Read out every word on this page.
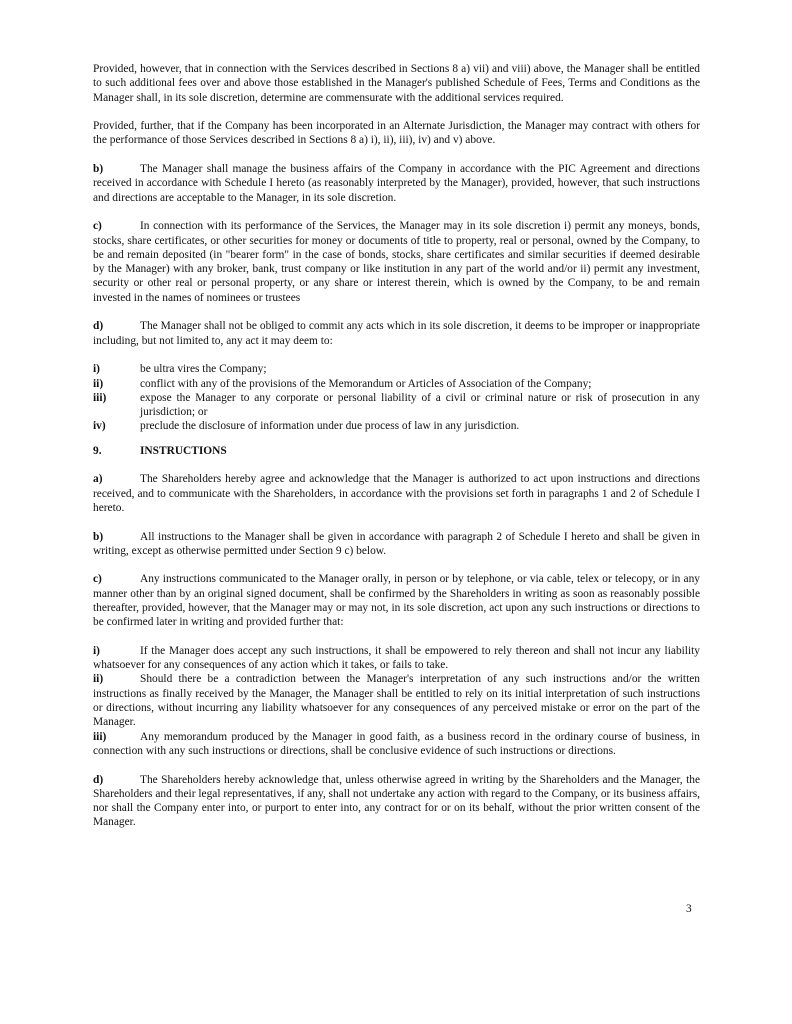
Provided, however, that in connection with the Services described in Sections 8 a) vii) and viii) above, the Manager shall be entitled to such additional fees over and above those established in the Manager's published Schedule of Fees, Terms and Conditions as the Manager shall, in its sole discretion, determine are commensurate with the additional services required.

Provided, further, that if the Company has been incorporated in an Alternate Jurisdiction, the Manager may contract with others for the performance of those Services described in Sections 8 a) i), ii), iii), iv) and v) above.

b)	The Manager shall manage the business affairs of the Company in accordance with the PIC Agreement and directions received in accordance with Schedule I hereto (as reasonably interpreted by the Manager), provided, however, that such instructions and directions are acceptable to the Manager, in its sole discretion.

c)	In connection with its performance of the Services, the Manager may in its sole discretion i) permit any moneys, bonds, stocks, share certificates, or other securities for money or documents of title to property, real or personal, owned by the Company, to be and remain deposited (in "bearer form" in the case of bonds, stocks, share certificates and similar securities if deemed desirable by the Manager) with any broker, bank, trust company or like institution in any part of the world and/or ii) permit any investment, security or other real or personal property, or any share or interest therein, which is owned by the Company, to be and remain invested in the names of nominees or trustees

d)	The Manager shall not be obliged to commit any acts which in its sole discretion, it deems to be improper or inappropriate including, but not limited to, any act it may deem to:

i)	be ultra vires the Company;
ii)	conflict with any of the provisions of the Memorandum or Articles of Association of the Company;
iii)	expose the Manager to any corporate or personal liability of a civil or criminal nature or risk of prosecution in any jurisdiction; or
iv)	preclude the disclosure of information under due process of law in any jurisdiction.
9.	INSTRUCTIONS

a)	The Shareholders hereby agree and acknowledge that the Manager is authorized to act upon instructions and directions received, and to communicate with the Shareholders, in accordance with the provisions set forth in paragraphs 1 and 2 of Schedule I hereto.

b)	All instructions to the Manager shall be given in accordance with paragraph 2 of Schedule I hereto and shall be given in writing, except as otherwise permitted under Section 9 c) below.

c)	Any instructions communicated to the Manager orally, in person or by telephone, or via cable, telex or telecopy, or in any manner other than by an original signed document, shall be confirmed by the Shareholders in writing as soon as reasonably possible thereafter, provided, however, that the Manager may or may not, in its sole discretion, act upon any such instructions or directions to be confirmed later in writing and provided further that:

i)	If the Manager does accept any such instructions, it shall be empowered to rely thereon and shall not incur any liability whatsoever for any consequences of any action which it takes, or fails to take.

ii)	Should there be a contradiction between the Manager's interpretation of any such instructions and/or the written instructions as finally received by the Manager, the Manager shall be entitled to rely on its initial interpretation of such instructions or directions, without incurring any liability whatsoever for any consequences of any perceived mistake or error on the part of the Manager.

iii)	Any memorandum produced by the Manager in good faith, as a business record in the ordinary course of business, in connection with any such instructions or directions, shall be conclusive evidence of such instructions or directions.

d)	The Shareholders hereby acknowledge that, unless otherwise agreed in writing by the Shareholders and the Manager, the Shareholders and their legal representatives, if any, shall not undertake any action with regard to the Company, or its business affairs, nor shall the Company enter into, or purport to enter into, any contract for or on its behalf, without the prior written consent of the Manager.

3
